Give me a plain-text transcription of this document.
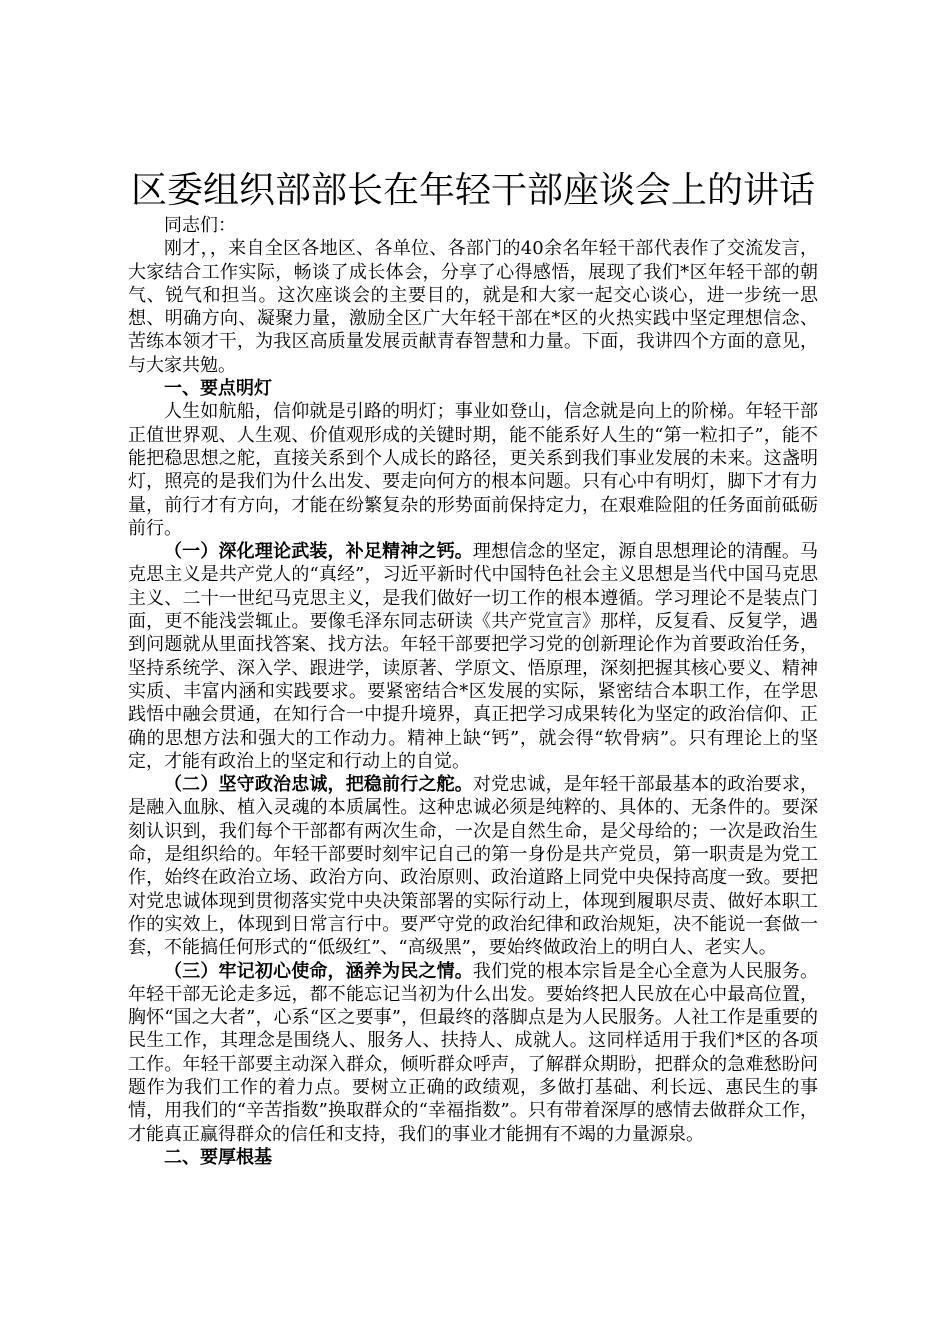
区委组织部部长在年轻干部座谈会上的讲话

同志们：

刚才，，来自全区各地区、各单位、各部门的40余名年轻干部代表作了交流发言，大家结合工作实际，畅谈了成长体会，分享了心得感悟，展现了我们*区年轻干部的朝气、锐气和担当。这次座谈会的主要目的，就是和大家一起交心谈心，进一步统一思想、明确方向、凝聚力量，激励全区广大年轻干部在*区的火热实践中坚定理想信念、苦练本领才干，为我区高质量发展贡献青春智慧和力量。下面，我讲四个方面的意见，与大家共勉。

一、要点明灯

人生如航船，信仰就是引路的明灯；事业如登山，信念就是向上的阶梯。年轻干部正值世界观、人生观、价值观形成的关键时期，能不能系好人生的“第一粒扣子”，能不能把稳思想之舵，直接关系到个人成长的路径，更关系到我们事业发展的未来。这盏明灯，照亮的是我们为什么出发、要走向何方的根本问题。只有心中有明灯，脚下才有力量，前行才有方向，才能在纷繁复杂的形势面前保持定力，在艰难险阻的任务面前砥砺前行。

（一）深化理论武装，补足精神之钙。理想信念的坚定，源自思想理论的清醒。马克思主义是共产党人的“真经”，习近平新时代中国特色社会主义思想是当代中国马克思主义、二十一世纪马克思主义，是我们做好一切工作的根本遵循。学习理论不是装点门面，更不能浅尝辄止。要像毛泽东同志研读《共产党宣言》那样，反复看、反复学，遇到问题就从里面找答案、找方法。年轻干部要把学习党的创新理论作为首要政治任务，坚持系统学、深入学、跟进学，读原著、学原文、悟原理，深刻把握其核心要义、精神实质、丰富内涵和实践要求。要紧密结合*区发展的实际，紧密结合本职工作，在学思践悟中融会贯通，在知行合一中提升境界，真正把学习成果转化为坚定的政治信仰、正确的思想方法和强大的工作动力。精神上缺“钙”，就会得“软骨病”。只有理论上的坚定，才能有政治上的坚定和行动上的自觉。

（二）坚守政治忠诚，把稳前行之舵。对党忠诚，是年轻干部最基本的政治要求，是融入血脉、植入灵魂的本质属性。这种忠诚必须是纯粹的、具体的、无条件的。要深刻认识到，我们每个干部都有两次生命，一次是自然生命，是父母给的；一次是政治生命，是组织给的。年轻干部要时刻牢记自己的第一身份是共产党员，第一职责是为党工作，始终在政治立场、政治方向、政治原则、政治道路上同党中央保持高度一致。要把对党忠诚体现到贯彻落实党中央决策部署的实际行动上，体现到履职尽责、做好本职工作的实效上，体现到日常言行中。要严守党的政治纪律和政治规矩，决不能说一套做一套，不能搞任何形式的“低级红”、“高级黑”，要始终做政治上的明白人、老实人。

（三）牢记初心使命，涵养为民之情。我们党的根本宗旨是全心全意为人民服务。年轻干部无论走多远，都不能忘记当初为什么出发。要始终把人民放在心中最高位置，胸怀“国之大者”，心系“区之要事”，但最终的落脚点是为人民服务。人社工作是重要的民生工作，其理念是围绕人、服务人、扶持人、成就人。这同样适用于我们*区的各项工作。年轻干部要主动深入群众，倾听群众呼声，了解群众期盼，把群众的急难愁盼问题作为我们工作的着力点。要树立正确的政绩观，多做打基础、利长远、惠民生的事情，用我们的“辛苦指数”换取群众的“幸福指数”。只有带着深厚的感情去做群众工作，才能真正赢得群众的信任和支持，我们的事业才能拥有不竭的力量源泉。

二、要厚根基
